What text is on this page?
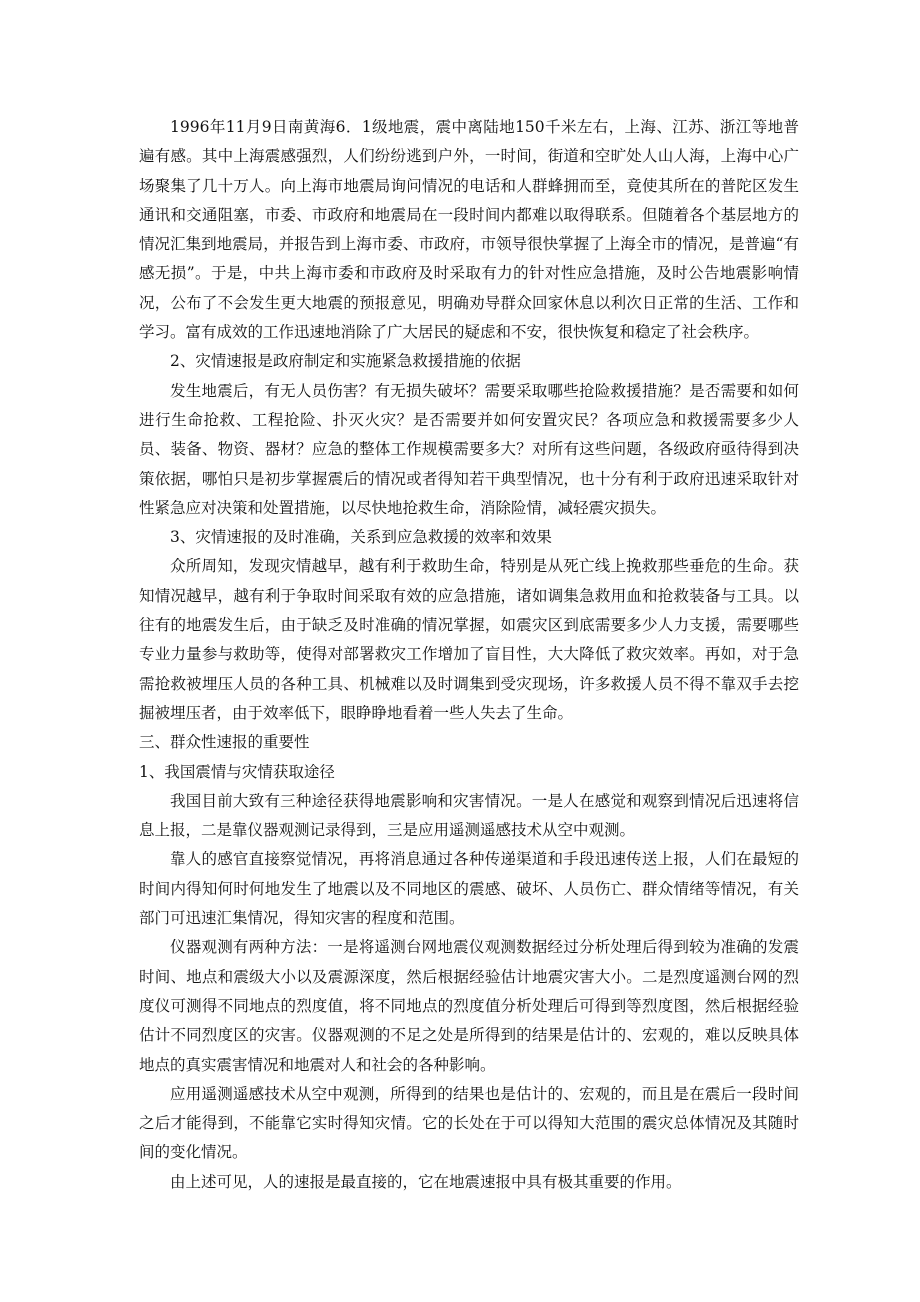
1996年11月9日南黄海6．1级地震，震中离陆地150千米左右，上海、江苏、浙江等地普遍有感。其中上海震感强烈，人们纷纷逃到户外，一时间，街道和空旷处人山人海，上海中心广场聚集了几十万人。向上海市地震局询问情况的电话和人群蜂拥而至，竟使其所在的普陀区发生通讯和交通阻塞，市委、市政府和地震局在一段时间内都难以取得联系。但随着各个基层地方的情况汇集到地震局，并报告到上海市委、市政府，市领导很快掌握了上海全市的情况，是普遍“有感无损”。于是，中共上海市委和市政府及时采取有力的针对性应急措施，及时公告地震影响情况，公布了不会发生更大地震的预报意见，明确劝导群众回家休息以利次日正常的生活、工作和学习。富有成效的工作迅速地消除了广大居民的疑虑和不安，很快恢复和稳定了社会秩序。

2、灾情速报是政府制定和实施紧急救援措施的依据

发生地震后，有无人员伤害？有无损失破坏？需要采取哪些抢险救援措施？是否需要和如何进行生命抢救、工程抢险、扑灭火灾？是否需要并如何安置灾民？各项应急和救援需要多少人员、装备、物资、器材？应急的整体工作规模需要多大？对所有这些问题，各级政府亟待得到决策依据，哪怕只是初步掌握震后的情况或者得知若干典型情况，也十分有利于政府迅速采取针对性紧急应对决策和处置措施，以尽快地抢救生命，消除险情，减轻震灾损失。

3、灾情速报的及时准确，关系到应急救援的效率和效果

众所周知，发现灾情越早，越有利于救助生命，特别是从死亡线上挽救那些垂危的生命。获知情况越早，越有利于争取时间采取有效的应急措施，诸如调集急救用血和抢救装备与工具。以往有的地震发生后，由于缺乏及时准确的情况掌握，如震灾区到底需要多少人力支援，需要哪些专业力量参与救助等，使得对部署救灾工作增加了盲目性，大大降低了救灾效率。再如，对于急需抢救被埋压人员的各种工具、机械难以及时调集到受灾现场，许多救援人员不得不靠双手去挖掘被埋压者，由于效率低下，眼睁睁地看着一些人失去了生命。

三、群众性速报的重要性

1、我国震情与灾情获取途径

我国目前大致有三种途径获得地震影响和灾害情况。一是人在感觉和观察到情况后迅速将信息上报，二是靠仪器观测记录得到，三是应用遥测遥感技术从空中观测。

靠人的感官直接察觉情况，再将消息通过各种传递渠道和手段迅速传送上报，人们在最短的时间内得知何时何地发生了地震以及不同地区的震感、破坏、人员伤亡、群众情绪等情况，有关部门可迅速汇集情况，得知灾害的程度和范围。

仪器观测有两种方法：一是将遥测台网地震仪观测数据经过分析处理后得到较为准确的发震时间、地点和震级大小以及震源深度，然后根据经验估计地震灾害大小。二是烈度遥测台网的烈度仪可测得不同地点的烈度值，将不同地点的烈度值分析处理后可得到等烈度图，然后根据经验估计不同烈度区的灾害。仪器观测的不足之处是所得到的结果是估计的、宏观的，难以反映具体地点的真实震害情况和地震对人和社会的各种影响。

应用遥测遥感技术从空中观测，所得到的结果也是估计的、宏观的，而且是在震后一段时间之后才能得到，不能靠它实时得知灾情。它的长处在于可以得知大范围的震灾总体情况及其随时间的变化情况。

由上述可见，人的速报是最直接的，它在地震速报中具有极其重要的作用。
